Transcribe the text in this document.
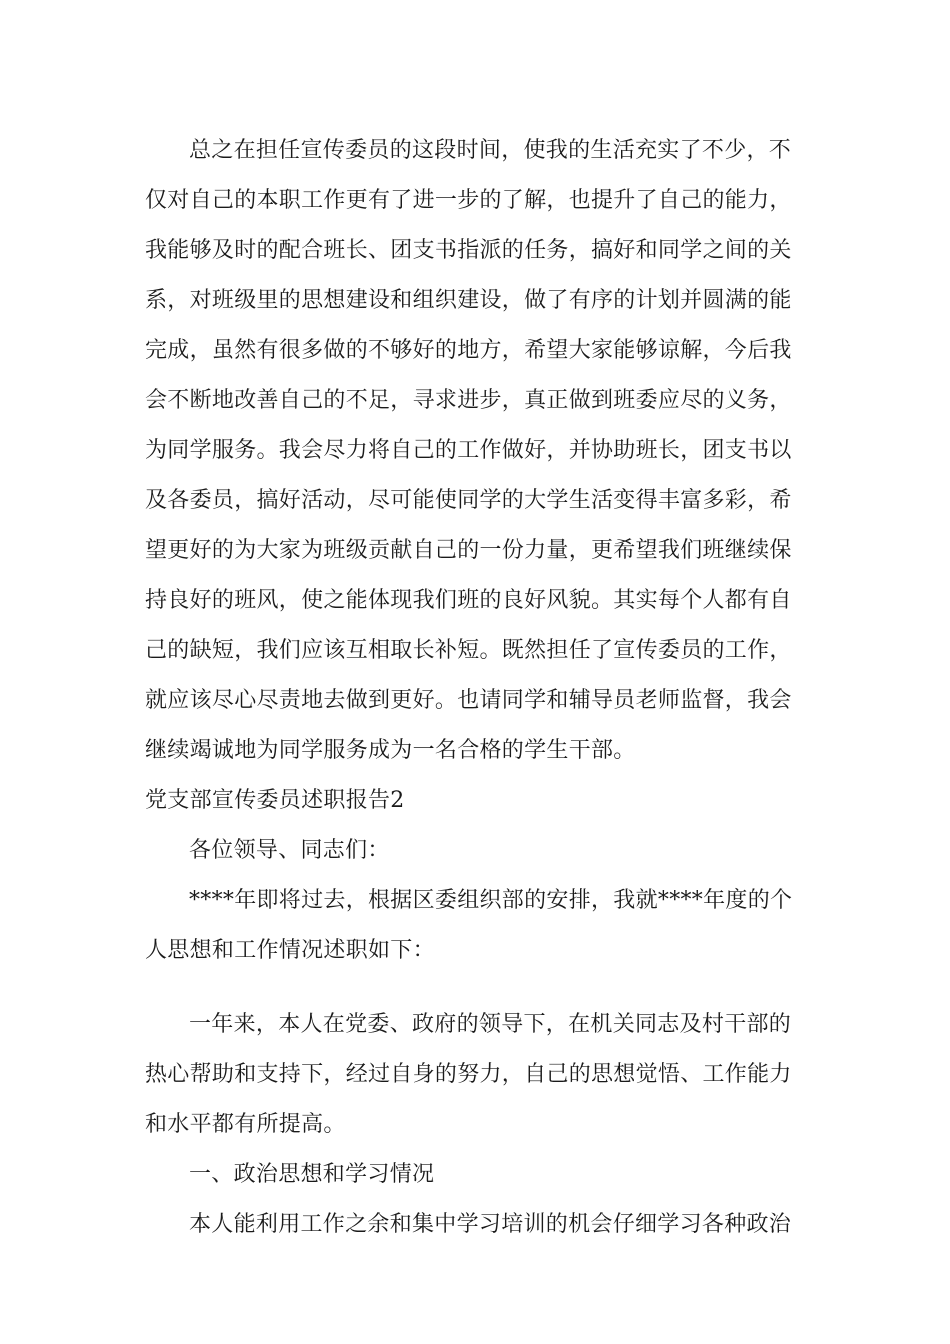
总之在担任宣传委员的这段时间，使我的生活充实了不少，不
仅对自己的本职工作更有了进一步的了解，也提升了自己的能力，
我能够及时的配合班长、团支书指派的任务，搞好和同学之间的关
系，对班级里的思想建设和组织建设，做了有序的计划并圆满的能
完成，虽然有很多做的不够好的地方，希望大家能够谅解，今后我
会不断地改善自己的不足，寻求进步，真正做到班委应尽的义务，
为同学服务。我会尽力将自己的工作做好，并协助班长，团支书以
及各委员，搞好活动，尽可能使同学的大学生活变得丰富多彩，希
望更好的为大家为班级贡献自己的一份力量，更希望我们班继续保
持良好的班风，使之能体现我们班的良好风貌。其实每个人都有自
己的缺短，我们应该互相取长补短。既然担任了宣传委员的工作，
就应该尽心尽责地去做到更好。也请同学和辅导员老师监督，我会
继续竭诚地为同学服务成为一名合格的学生干部。
党支部宣传委员述职报告2
各位领导、同志们：
****年即将过去，根据区委组织部的安排，我就****年度的个
人思想和工作情况述职如下：
一年来，本人在党委、政府的领导下，在机关同志及村干部的
热心帮助和支持下，经过自身的努力，自己的思想觉悟、工作能力
和水平都有所提高。
一、政治思想和学习情况
本人能利用工作之余和集中学习培训的机会仔细学习各种政治
